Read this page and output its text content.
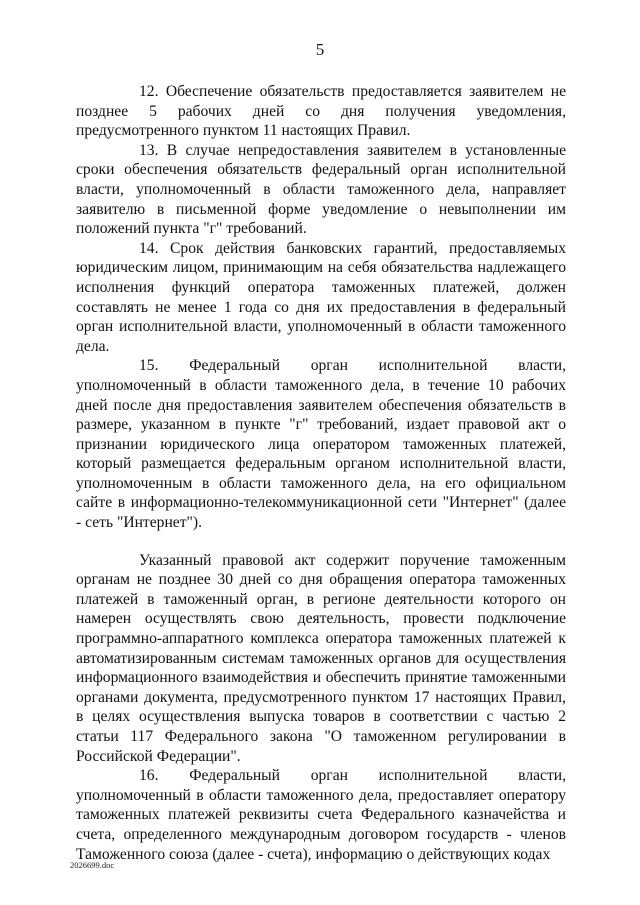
5

12. Обеспечение обязательств предоставляется заявителем не позднее 5 рабочих дней со дня получения уведомления, предусмотренного пунктом 11 настоящих Правил.

13. В случае непредоставления заявителем в установленные сроки обеспечения обязательств федеральный орган исполнительной власти, уполномоченный в области таможенного дела, направляет заявителю в письменной форме уведомление о невыполнении им положений пункта "г" требований.

14. Срок действия банковских гарантий, предоставляемых юридическим лицом, принимающим на себя обязательства надлежащего исполнения функций оператора таможенных платежей, должен составлять не менее 1 года со дня их предоставления в федеральный орган исполнительной власти, уполномоченный в области таможенного дела.

15. Федеральный орган исполнительной власти, уполномоченный в области таможенного дела, в течение 10 рабочих дней после дня предоставления заявителем обеспечения обязательств в размере, указанном в пункте "г" требований, издает правовой акт о признании юридического лица оператором таможенных платежей, который размещается федеральным органом исполнительной власти, уполномоченным в области таможенного дела, на его официальном сайте в информационно-телекоммуникационной сети "Интернет" (далее - сеть "Интернет").

Указанный правовой акт содержит поручение таможенным органам не позднее 30 дней со дня обращения оператора таможенных платежей в таможенный орган, в регионе деятельности которого он намерен осуществлять свою деятельность, провести подключение программно-аппаратного комплекса оператора таможенных платежей к автоматизированным системам таможенных органов для осуществления информационного взаимодействия и обеспечить принятие таможенными органами документа, предусмотренного пунктом 17 настоящих Правил, в целях осуществления выпуска товаров в соответствии с частью 2 статьи 117 Федерального закона "О таможенном регулировании в Российской Федерации".

16. Федеральный орган исполнительной власти, уполномоченный в области таможенного дела, предоставляет оператору таможенных платежей реквизиты счета Федерального казначейства и счета, определенного международным договором государств - членов Таможенного союза (далее - счета), информацию о действующих кодах

2026699.doc
